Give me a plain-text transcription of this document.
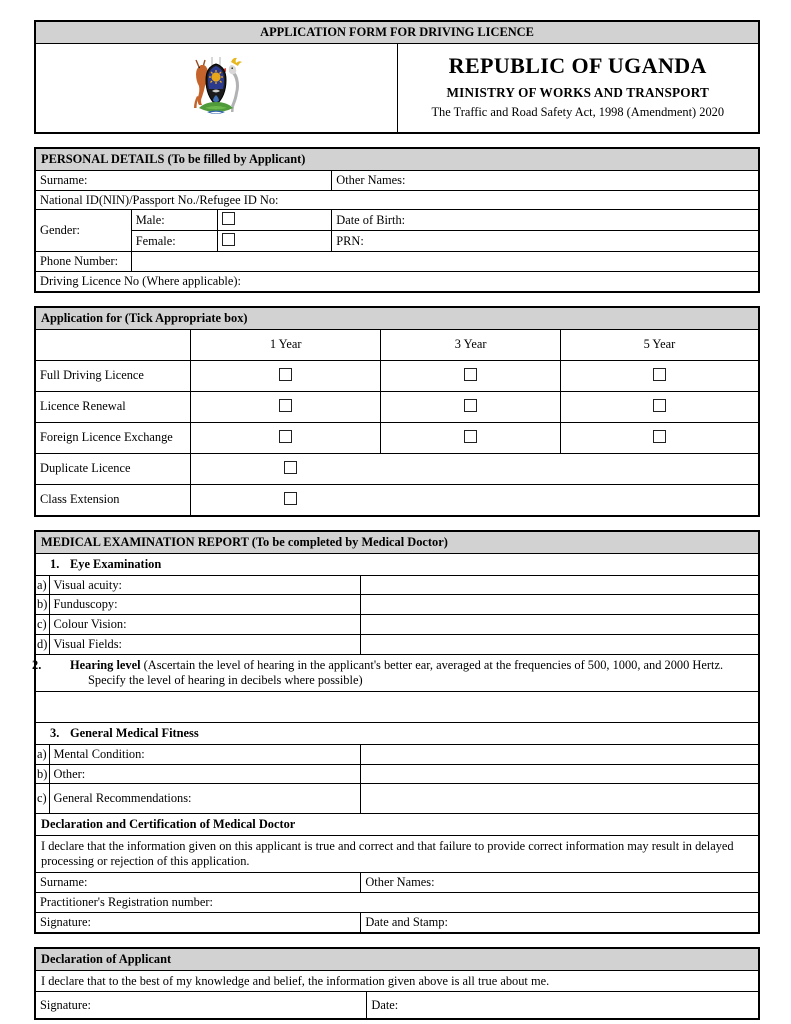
APPLICATION FORM FOR DRIVING LICENCE

REPUBLIC OF UGANDA
MINISTRY OF WORKS AND TRANSPORT
The Traffic and Road Safety Act, 1998 (Amendment) 2020
PERSONAL DETAILS (To be filled by Applicant)			
Surname:			Other Names:
National ID(NIN)/Passport No./Refugee ID No:			
Gender:	Male:		Date of Birth:
	Female:		PRN:
Phone Number:			
Driving Licence No (Where applicable):			
Application for (Tick Appropriate box)			
	1 Year	3 Year	5 Year
Full Driving Licence			
Licence Renewal			
Foreign Licence Exchange			
Duplicate Licence			
Class Extension			
MEDICAL EXAMINATION REPORT (To be completed by Medical Doctor)		
1. Eye Examination		
a)	Visual acuity:	
b)	Funduscopy:	
c)	Colour Vision:	
d)	Visual Fields:	
2. Hearing level (Ascertain the level of hearing in the applicant's better ear, averaged at the frequencies of 500, 1000, and 2000 Hertz. Specify the level of hearing in decibels where possible)		

3. General Medical Fitness		
a)	Mental Condition:	
b)	Other:	
c)	General Recommendations:	
Declaration and Certification of Medical Doctor		
I declare that the information given on this applicant is true and correct and that failure to provide correct information may result in delayed processing or rejection of this application.		
Surname:		Other Names:
Practitioner's Registration number:		
Signature:		Date and Stamp:
Declaration of Applicant
I declare that to the best of my knowledge and belief, the information given above is all true about me.
Signature:	Date:
